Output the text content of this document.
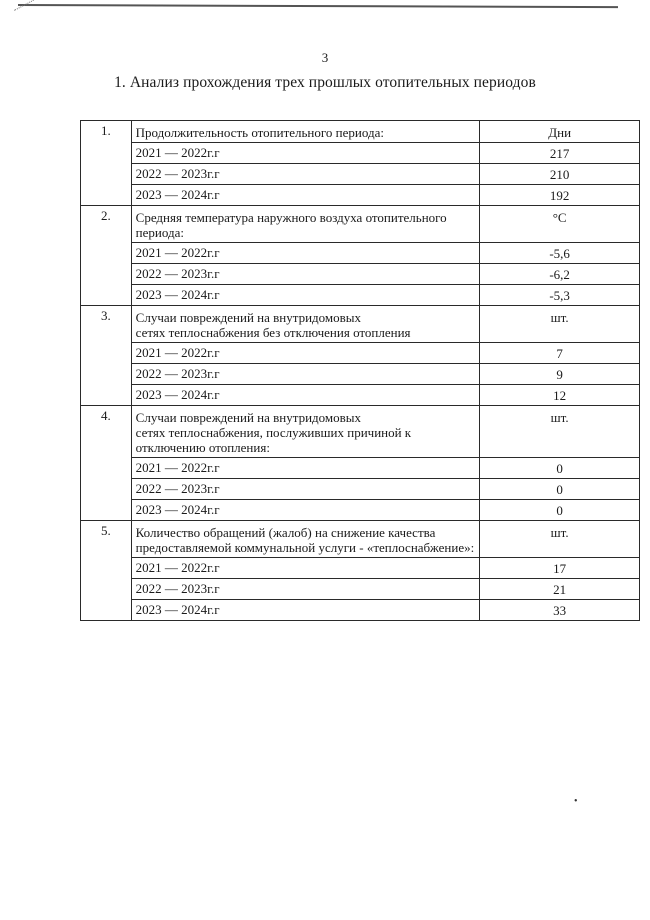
3
1. Анализ прохождения трех прошлых отопительных периодов
1.	Продолжительность отопительного периода:	Дни
	2021 — 2022г.г	217
	2022 — 2023г.г	210
	2023 — 2024г.г	192
2.	Средняя температура наружного воздуха отопительного
периода:	°С
	2021 — 2022г.г	-5,6
	2022 — 2023г.г	-6,2
	2023 — 2024г.г	-5,3
3.	Случаи повреждений на внутридомовых
сетях теплоснабжения без отключения отопления	шт.
	2021 — 2022г.г	7
	2022 — 2023г.г	9
	2023 — 2024г.г	12
4.	Случаи повреждений на внутридомовых
сетях теплоснабжения, послуживших причиной к
отключению отопления:	шт.
	2021 — 2022г.г	0
	2022 — 2023г.г	0
	2023 — 2024г.г	0
5.	Количество обращений (жалоб) на снижение качества
предоставляемой коммунальной услуги - «теплоснабжение»:	шт.
	2021 — 2022г.г	17
	2022 — 2023г.г	21
	2023 — 2024г.г	33
•
